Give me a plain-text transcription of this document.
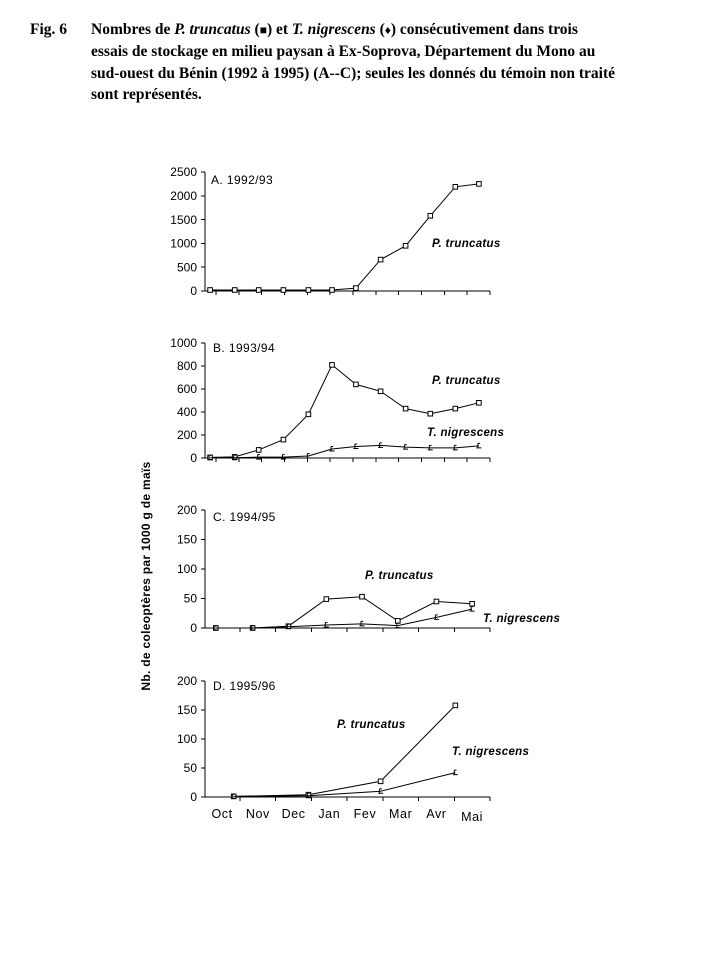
Fig. 6 Nombres de P. truncatus (■) et T. nigrescens (♦) consécutivement dans trois
essais de stockage en milieu paysan à Ex-Soprova, Département du Mono au
sud-ouest du Bénin (1992 à 1995) (A--C); seules les donnés du témoin non traité
sont représentés.
0
500
1000
1500
2000
2500
A. 1992/93
P. truncatus
0
200
400
600
800
1000 B. 1993/94
P. truncatus
T. nigrescens
0
50
100
150
200 C. 1994/95
P. truncatus
T. nigrescens
0
50
100
150
200 D. 1995/96
P. truncatus
T. nigrescens
Oct Nov Dec Jan Fev Mar Avr Mai
Nb. de coleoptères par 1000 g de maïs
